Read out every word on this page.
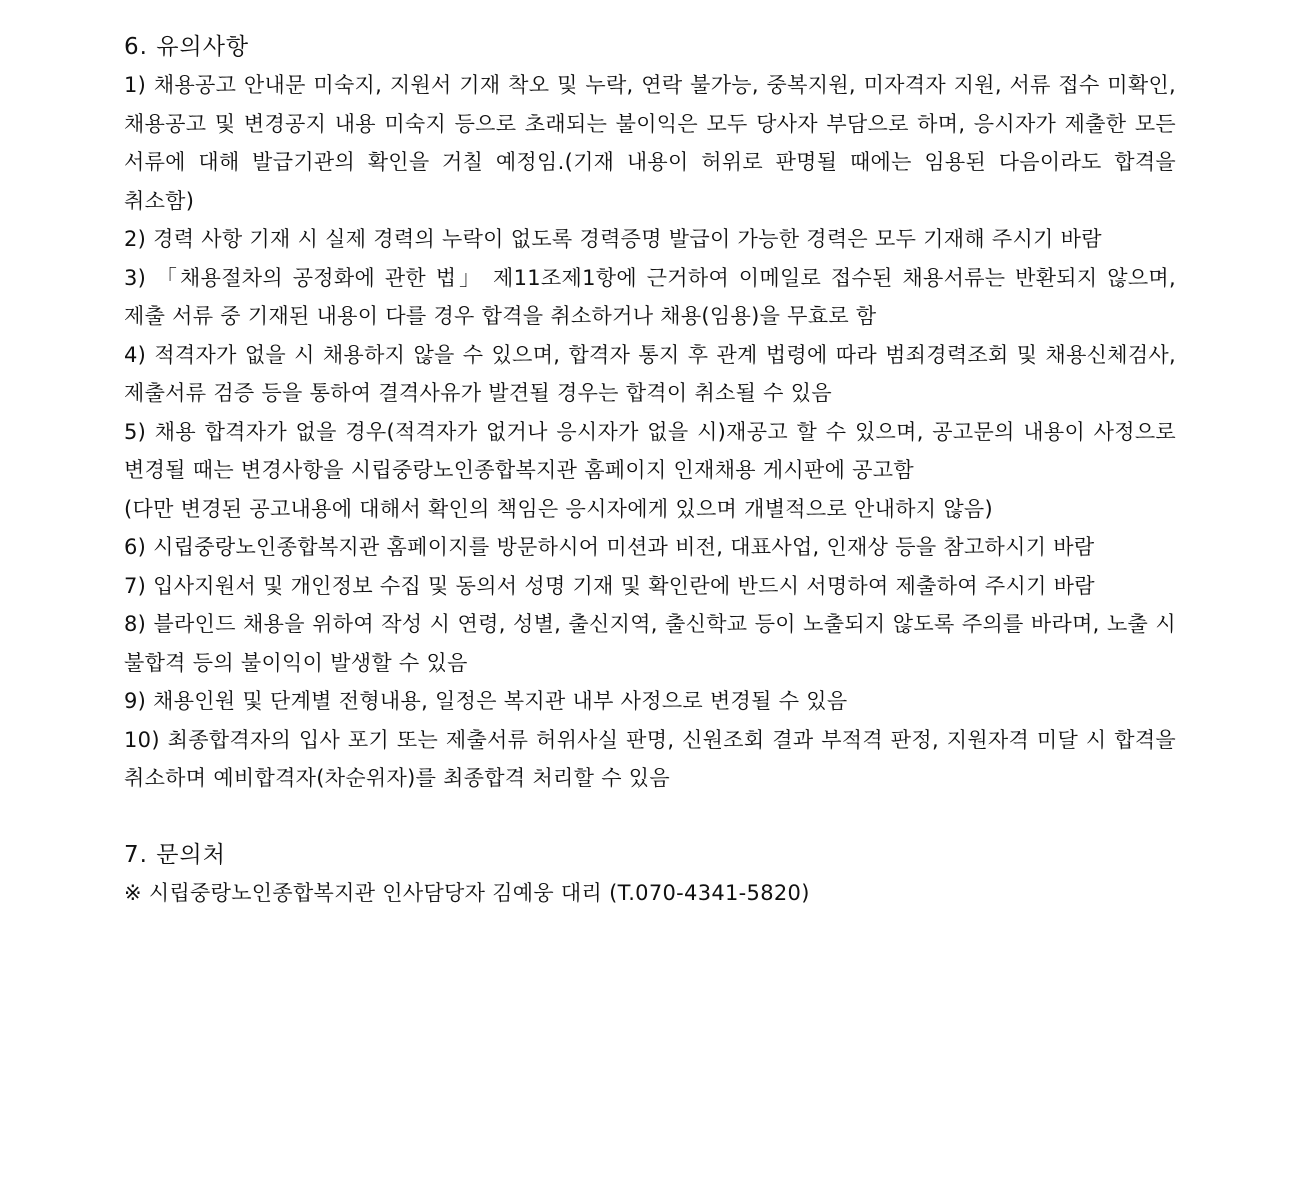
6. 유의사항

1) 채용공고 안내문 미숙지, 지원서 기재 착오 및 누락, 연락 불가능, 중복지원, 미자격자 지원, 서류 접수 미확인, 채용공고 및 변경공지 내용 미숙지 등으로 초래되는 불이익은 모두 당사자 부담으로 하며, 응시자가 제출한 모든 서류에 대해 발급기관의 확인을 거칠 예정임.(기재 내용이 허위로 판명될 때에는 임용된 다음이라도 합격을 취소함)

2) 경력 사항 기재 시 실제 경력의 누락이 없도록 경력증명 발급이 가능한 경력은 모두 기재해 주시기 바람

3) 「채용절차의 공정화에 관한 법」 제11조제1항에 근거하여 이메일로 접수된 채용서류는 반환되지 않으며, 제출 서류 중 기재된 내용이 다를 경우 합격을 취소하거나 채용(임용)을 무효로 함

4) 적격자가 없을 시 채용하지 않을 수 있으며, 합격자 통지 후 관계 법령에 따라 범죄경력조회 및 채용신체검사, 제출서류 검증 등을 통하여 결격사유가 발견될 경우는 합격이 취소될 수 있음

5) 채용 합격자가 없을 경우(적격자가 없거나 응시자가 없을 시)재공고 할 수 있으며, 공고문의 내용이 사정으로 변경될 때는 변경사항을 시립중랑노인종합복지관 홈페이지 인재채용 게시판에 공고함

(다만 변경된 공고내용에 대해서 확인의 책임은 응시자에게 있으며 개별적으로 안내하지 않음)

6) 시립중랑노인종합복지관 홈페이지를 방문하시어 미션과 비전, 대표사업, 인재상 등을 참고하시기 바람

7) 입사지원서 및 개인정보 수집 및 동의서 성명 기재 및 확인란에 반드시 서명하여 제출하여 주시기 바람

8) 블라인드 채용을 위하여 작성 시 연령, 성별, 출신지역, 출신학교 등이 노출되지 않도록 주의를 바라며, 노출 시 불합격 등의 불이익이 발생할 수 있음

9) 채용인원 및 단계별 전형내용, 일정은 복지관 내부 사정으로 변경될 수 있음

10) 최종합격자의 입사 포기 또는 제출서류 허위사실 판명, 신원조회 결과 부적격 판정, 지원자격 미달 시 합격을 취소하며 예비합격자(차순위자)를 최종합격 처리할 수 있음

7. 문의처

※ 시립중랑노인종합복지관 인사담당자 김예웅 대리 (T.070-4341-5820)
